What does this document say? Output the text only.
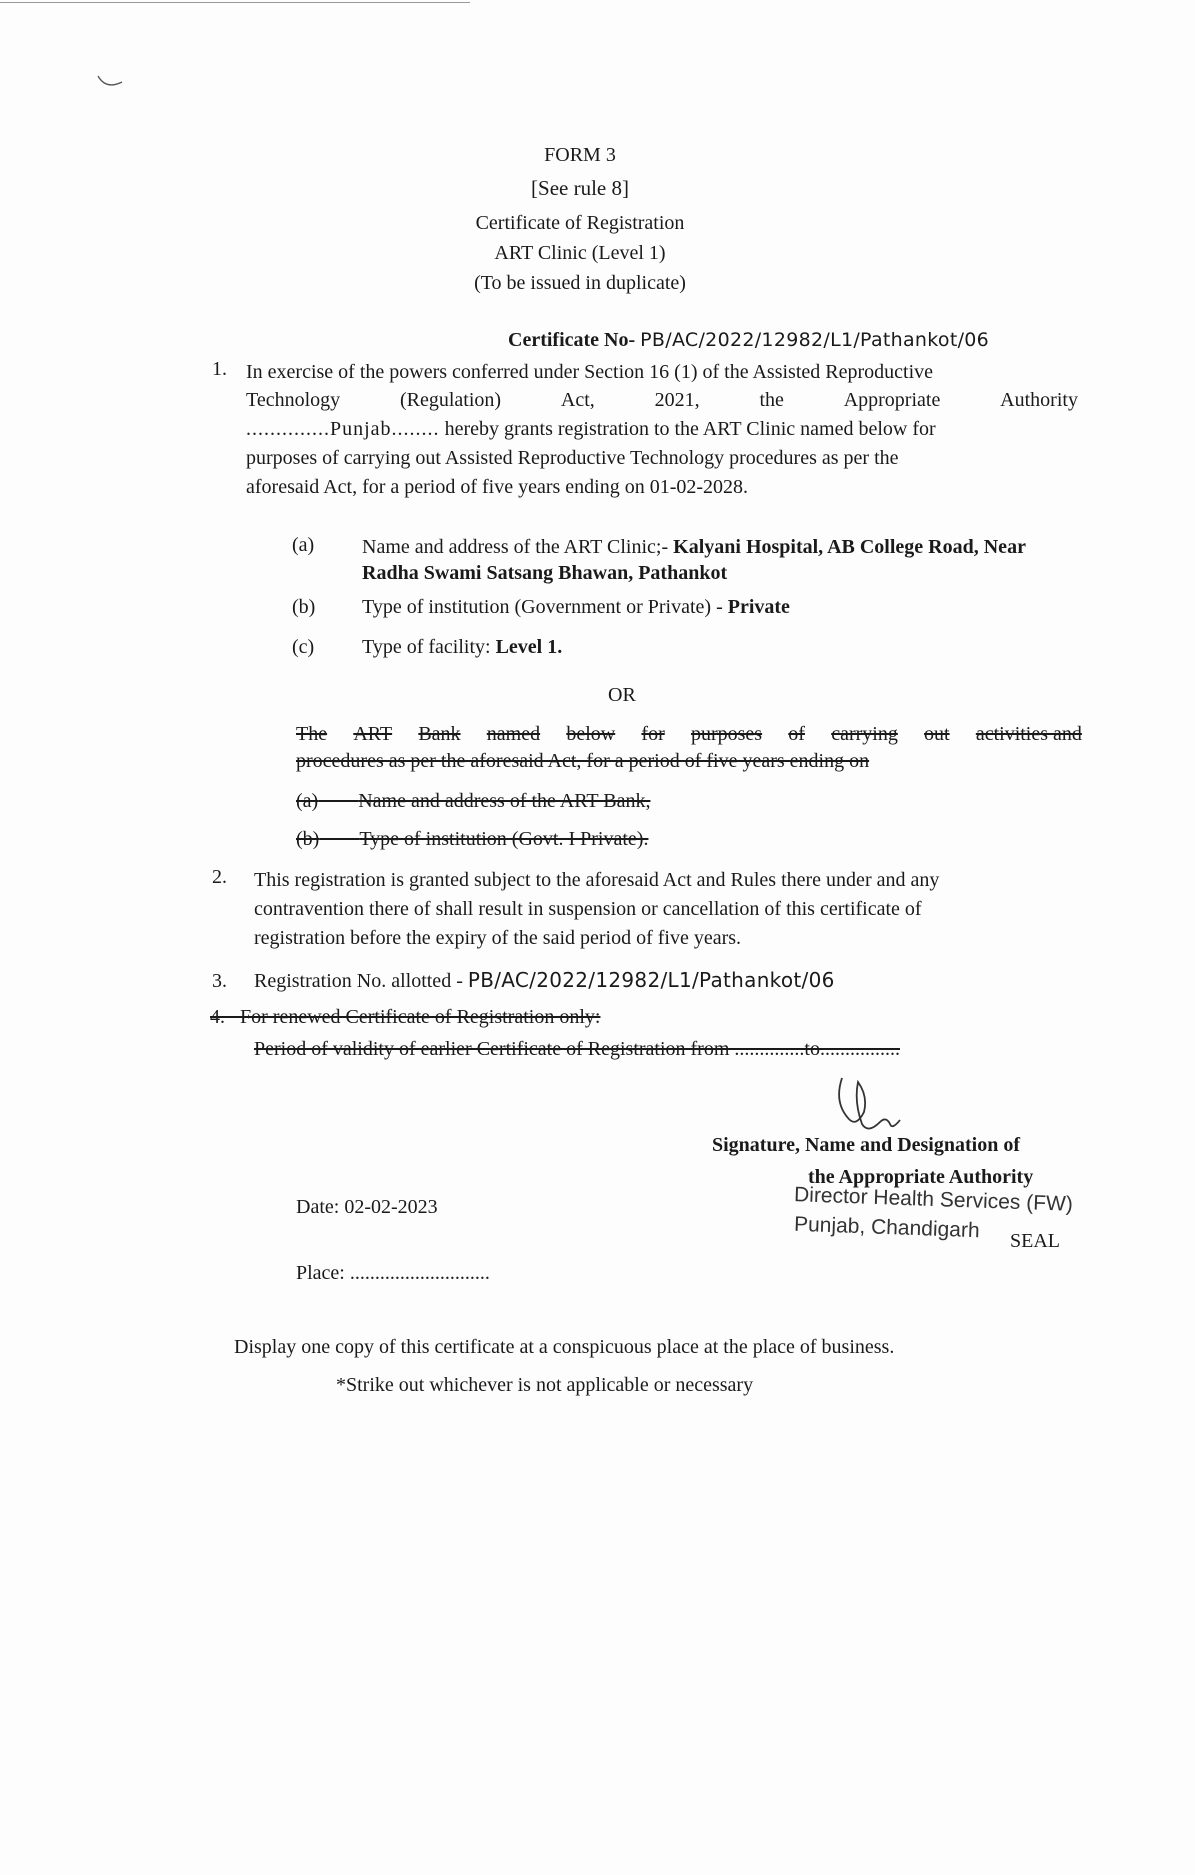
FORM 3
[See rule 8]
Certificate of Registration
ART Clinic (Level 1)
(To be issued in duplicate)
Certificate No- PB/AC/2022/12982/L1/Pathankot/06
1. In exercise of the powers conferred under Section 16 (1) of the Assisted Reproductive
Technology	(Regulation)	Act,	2021,	the	Appropriate	Authority
..............Punjab........ hereby grants registration to the ART Clinic named below for
purposes of carrying out Assisted Reproductive Technology procedures as per the
aforesaid Act, for a period of five years ending on 01-02-2028.
(a) Name and address of the ART Clinic;- Kalyani Hospital, AB College Road, Near Radha Swami Satsang Bhawan, Pathankot
(b) Type of institution (Government or Private) - Private
(c) Type of facility: Level 1.
OR
The ART Bank named below for purposes of carrying out activities and
procedures as per the aforesaid Act, for a period of five years ending on
(a) Name and address of the ART Bank,
(b) Type of institution (Govt. I Private).
2. This registration is granted subject to the aforesaid Act and Rules there under and any
contravention there of shall result in suspension or cancellation of this certificate of
registration before the expiry of the said period of five years.
3. Registration No. allotted - PB/AC/2022/12982/L1/Pathankot/06
4. For renewed Certificate of Registration only:
Period of validity of earlier Certificate of Registration from ..............to................
Signature, Name and Designation of
the Appropriate Authority
Director Health Services (FW)
Punjab, Chandigarh SEAL
Date: 02-02-2023
Place: ............................
Display one copy of this certificate at a conspicuous place at the place of business.
*Strike out whichever is not applicable or necessary
